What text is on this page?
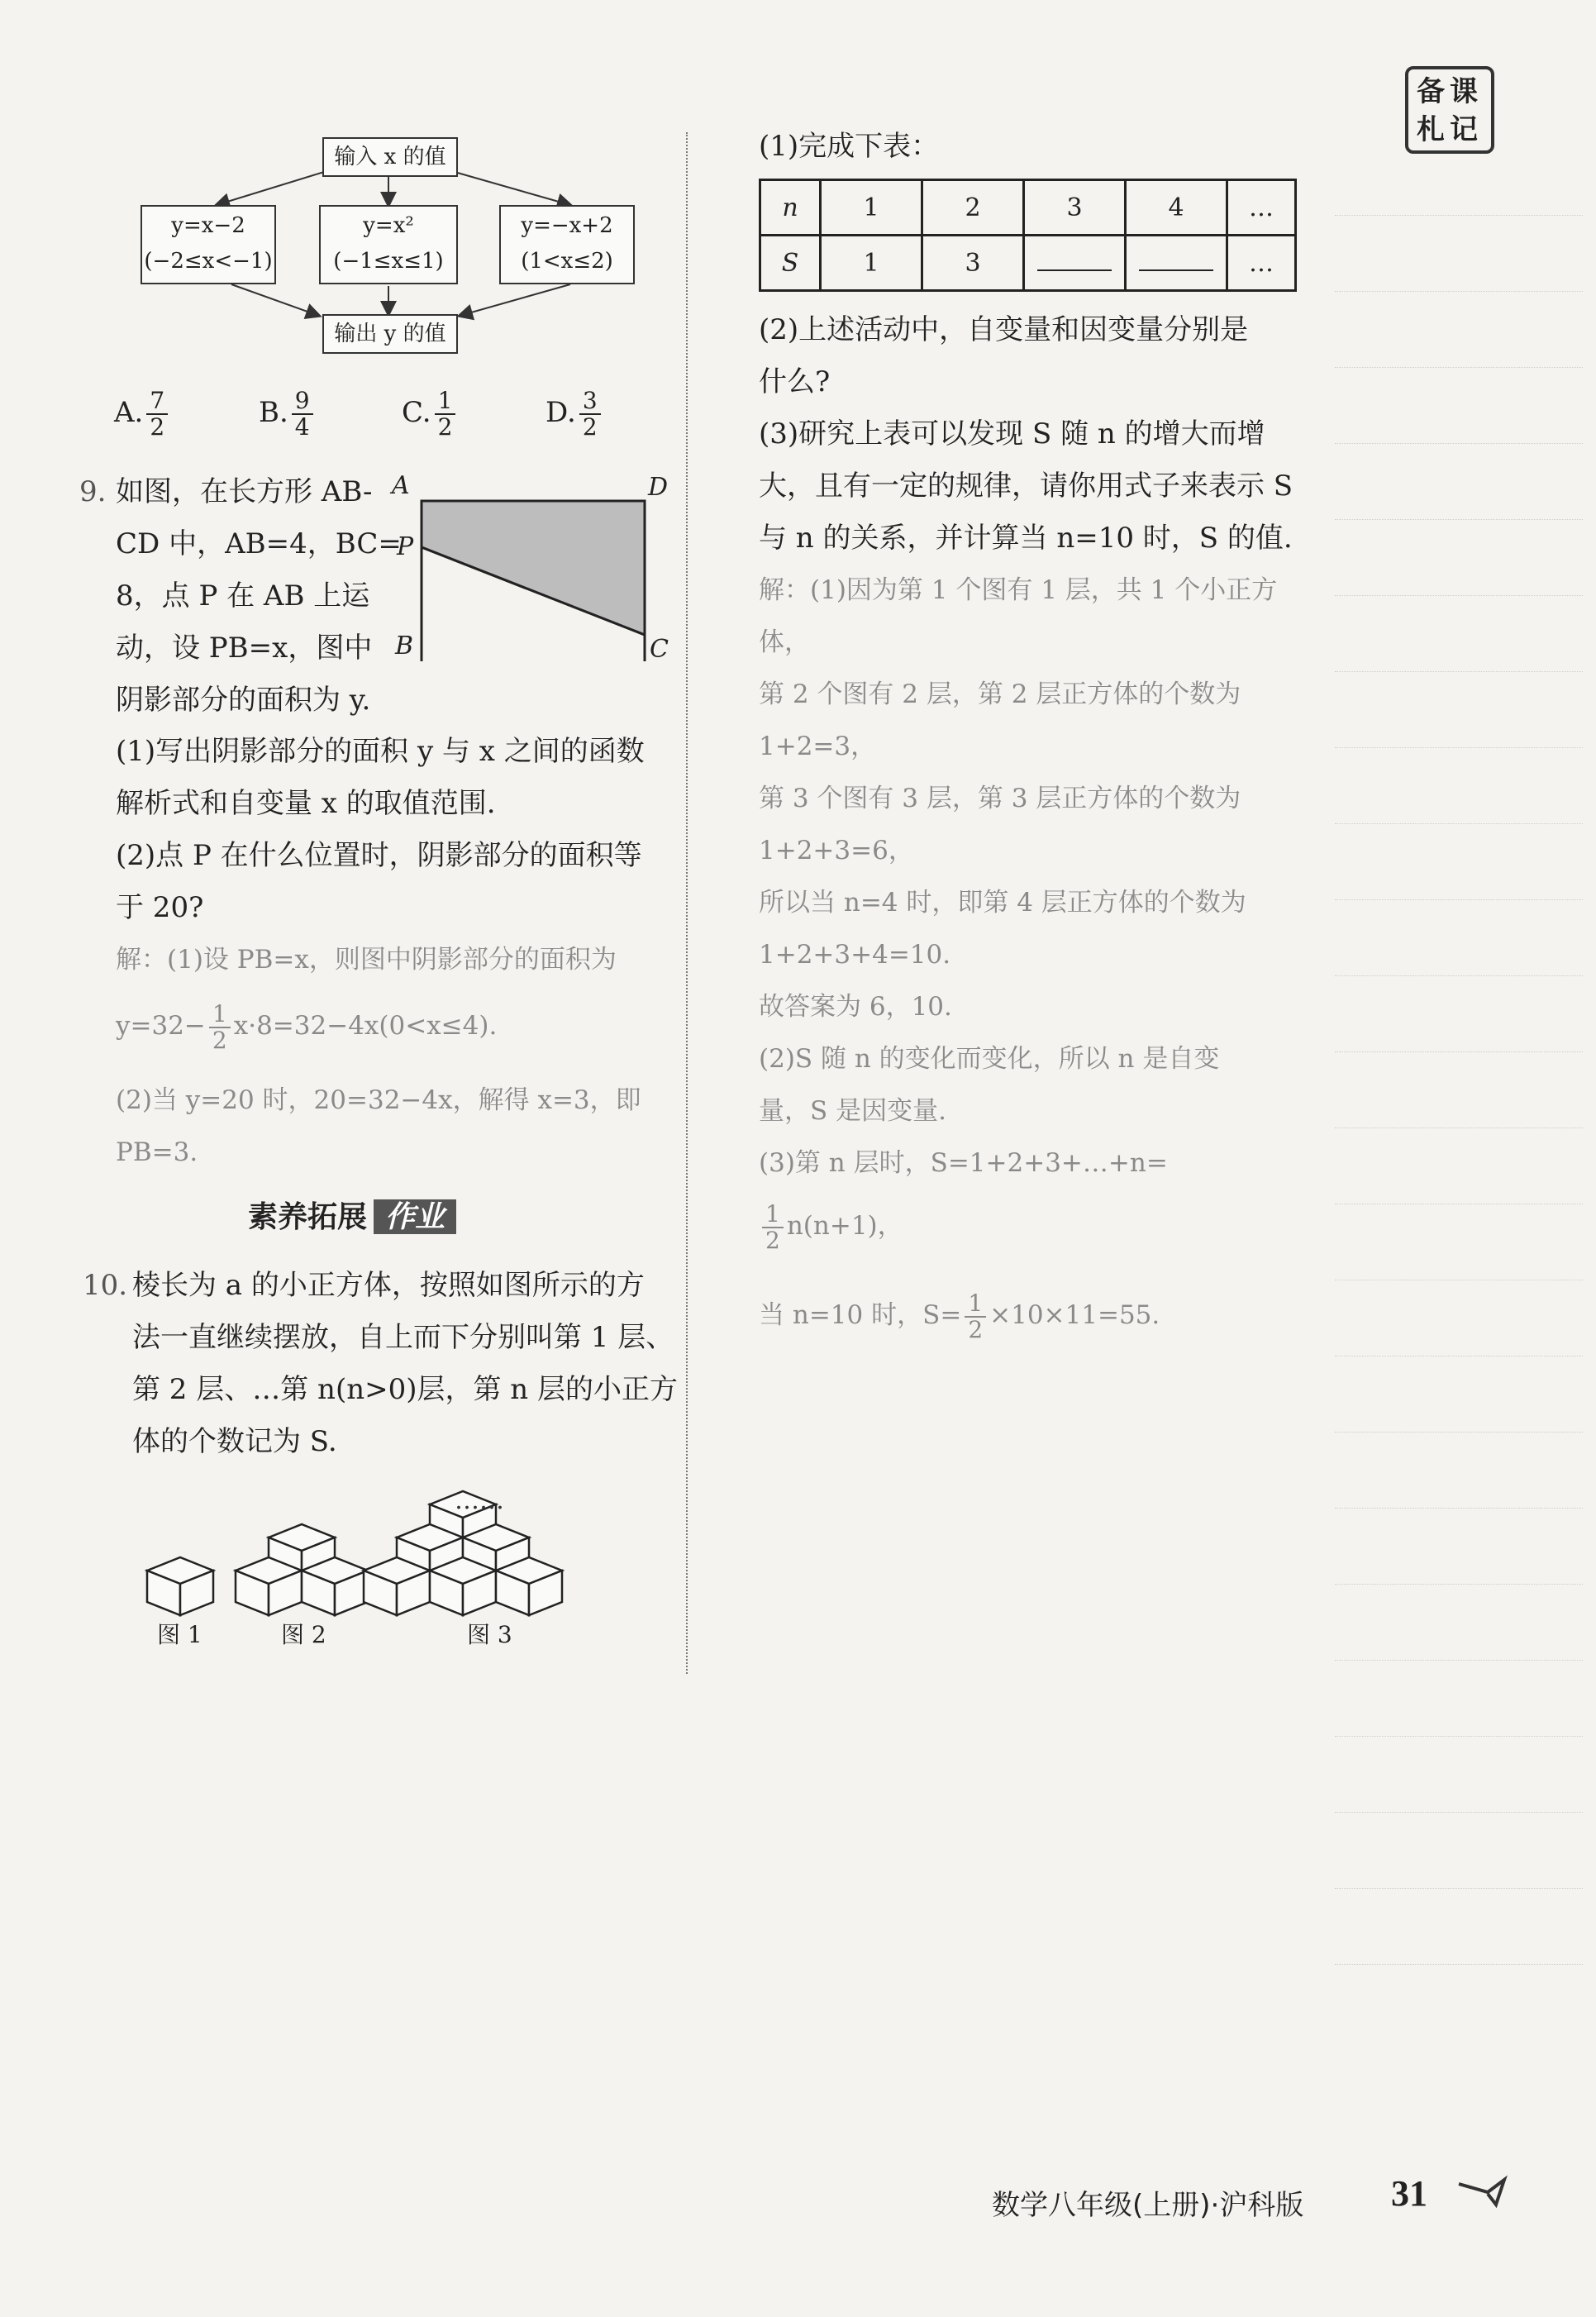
备课
札记
输入 x 的值
y=x−2
(−2≤x<−1)
y=x²
(−1≤x≤1)
y=−x+2
(1<x≤2)
输出 y 的值
A. $\frac{7}{2}$	B. $\frac{9}{4}$	C. $\frac{1}{2}$	D. $\frac{3}{2}$
9. 如图，在长方形 AB-
CD 中，AB=4，BC=
8，点 P 在 AB 上运
动，设 PB=x，图中
阴影部分的面积为 y.
A	D
P
B	C
(1)写出阴影部分的面积 y 与 x 之间的函数
解析式和自变量 x 的取值范围.
(2)点 P 在什么位置时，阴影部分的面积等
于 20?
解：(1)设 PB=x，则图中阴影部分的面积为
$y=32- \frac{1}{2} x\cdot 8=32-4x(0<x\le 4)$.
(2)当 y=20 时，20=32−4x，解得 x=3，即
PB=3.
素养拓展 作业
10. 棱长为 a 的小正方体，按照如图所示的方
法一直继续摆放，自上而下分别叫第 1 层、
第 2 层、…第 n(n>0)层，第 n 层的小正方
体的个数记为 S.
……
图 1	图 2	图 3
(1)完成下表：
n	1	2	3	4	…
S	1	3			…
(2)上述活动中，自变量和因变量分别是
什么?
(3)研究上表可以发现 S 随 n 的增大而增
大，且有一定的规律，请你用式子来表示 S
与 n 的关系，并计算当 n=10 时，S 的值.
解：(1)因为第 1 个图有 1 层，共 1 个小正方
体，
第 2 个图有 2 层，第 2 层正方体的个数为
1+2=3，
第 3 个图有 3 层，第 3 层正方体的个数为
1+2+3=6，
所以当 n=4 时，即第 4 层正方体的个数为
1+2+3+4=10.
故答案为 6，10.
(2)S 随 n 的变化而变化，所以 n 是自变
量，S 是因变量.
(3)第 n 层时，S=1+2+3+…+n=
$\frac{1}{2} n(n+1)$，
当 n=10 时，$S= \frac{1}{2} \times 10\times 11=55$.
数学八年级(上册)·沪科版 31
